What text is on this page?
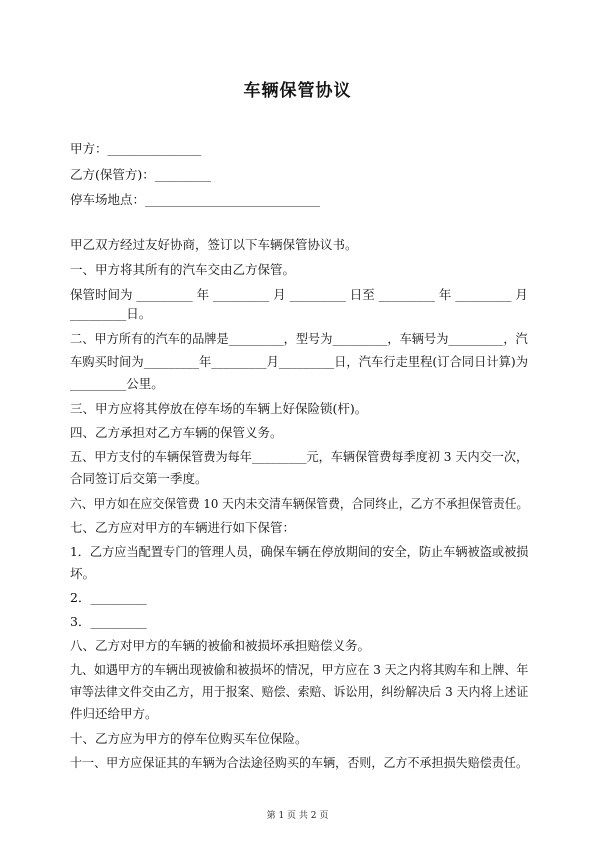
车辆保管协议
甲方：_______________
乙方(保管方)：_________
停车场地点：____________________________
甲乙双方经过友好协商，签订以下车辆保管协议书。
一、甲方将其所有的汽车交由乙方保管。
保管时间为 _________ 年 _________ 月 _________ 日至 _________ 年 _________ 月
_________日。
二、甲方所有的汽车的品牌是_________，型号为_________，车辆号为_________，汽
车购买时间为_________年_________月_________日，汽车行走里程(订合同日计算)为
_________公里。
三、甲方应将其停放在停车场的车辆上好保险锁(杆)。
四、乙方承担对乙方车辆的保管义务。
五、甲方支付的车辆保管费为每年_________元，车辆保管费每季度初 3 天内交一次，
合同签订后交第一季度。
六、甲方如在应交保管费 10 天内未交清车辆保管费，合同终止，乙方不承担保管责任。
七、乙方应对甲方的车辆进行如下保管：
1．乙方应当配置专门的管理人员，确保车辆在停放期间的安全，防止车辆被盗或被损
坏。
2．_________
3．_________
八、乙方对甲方的车辆的被偷和被损坏承担赔偿义务。
九、如遇甲方的车辆出现被偷和被损坏的情况，甲方应在 3 天之内将其购车和上牌、年
审等法律文件交由乙方，用于报案、赔偿、索赔、诉讼用，纠纷解决后 3 天内将上述证
件归还给甲方。
十、乙方应为甲方的停车位购买车位保险。
十一、甲方应保证其的车辆为合法途径购买的车辆，否则，乙方不承担损失赔偿责任。
第 1 页 共 2 页
